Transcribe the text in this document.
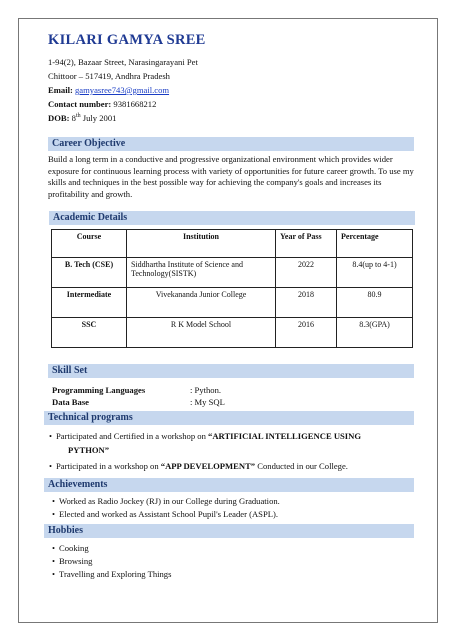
KILARI GAMYA SREE
1-94(2), Bazaar Street, Narasingarayani Pet
Chittoor – 517419, Andhra Pradesh
Email: gamyasree743@gmail.com
Contact number: 9381668212
DOB: 8th July 2001
Career Objective
Build a long term in a conductive and progressive organizational environment which provides wider exposure for continuous learning process with variety of opportunities for future career growth. To use my skills and techniques in the best possible way for achieving the company's goals and increases its profitability and growth.
Academic Details
Course	Institution	Year of Pass	Percentage
B. Tech (CSE)	Siddhartha Institute of Science and Technology(SISTK)	2022	8.4(up to 4-1)
Intermediate	Vivekananda Junior College	2018	80.9
SSC	R K Model School	2016	8.3(GPA)
Skill Set
Programming Languages	: Python.
Data Base	: My SQL
Technical programs
• Participated and Certified in a workshop on “ARTIFICIAL INTELLIGENCE USING
PYTHON”
• Participated in a workshop on “APP DEVELOPMENT” Conducted in our College.
Achievements
• Worked as Radio Jockey (RJ) in our College during Graduation.
• Elected and worked as Assistant School Pupil's Leader (ASPL).
Hobbies
• Cooking
• Browsing
• Travelling and Exploring Things
